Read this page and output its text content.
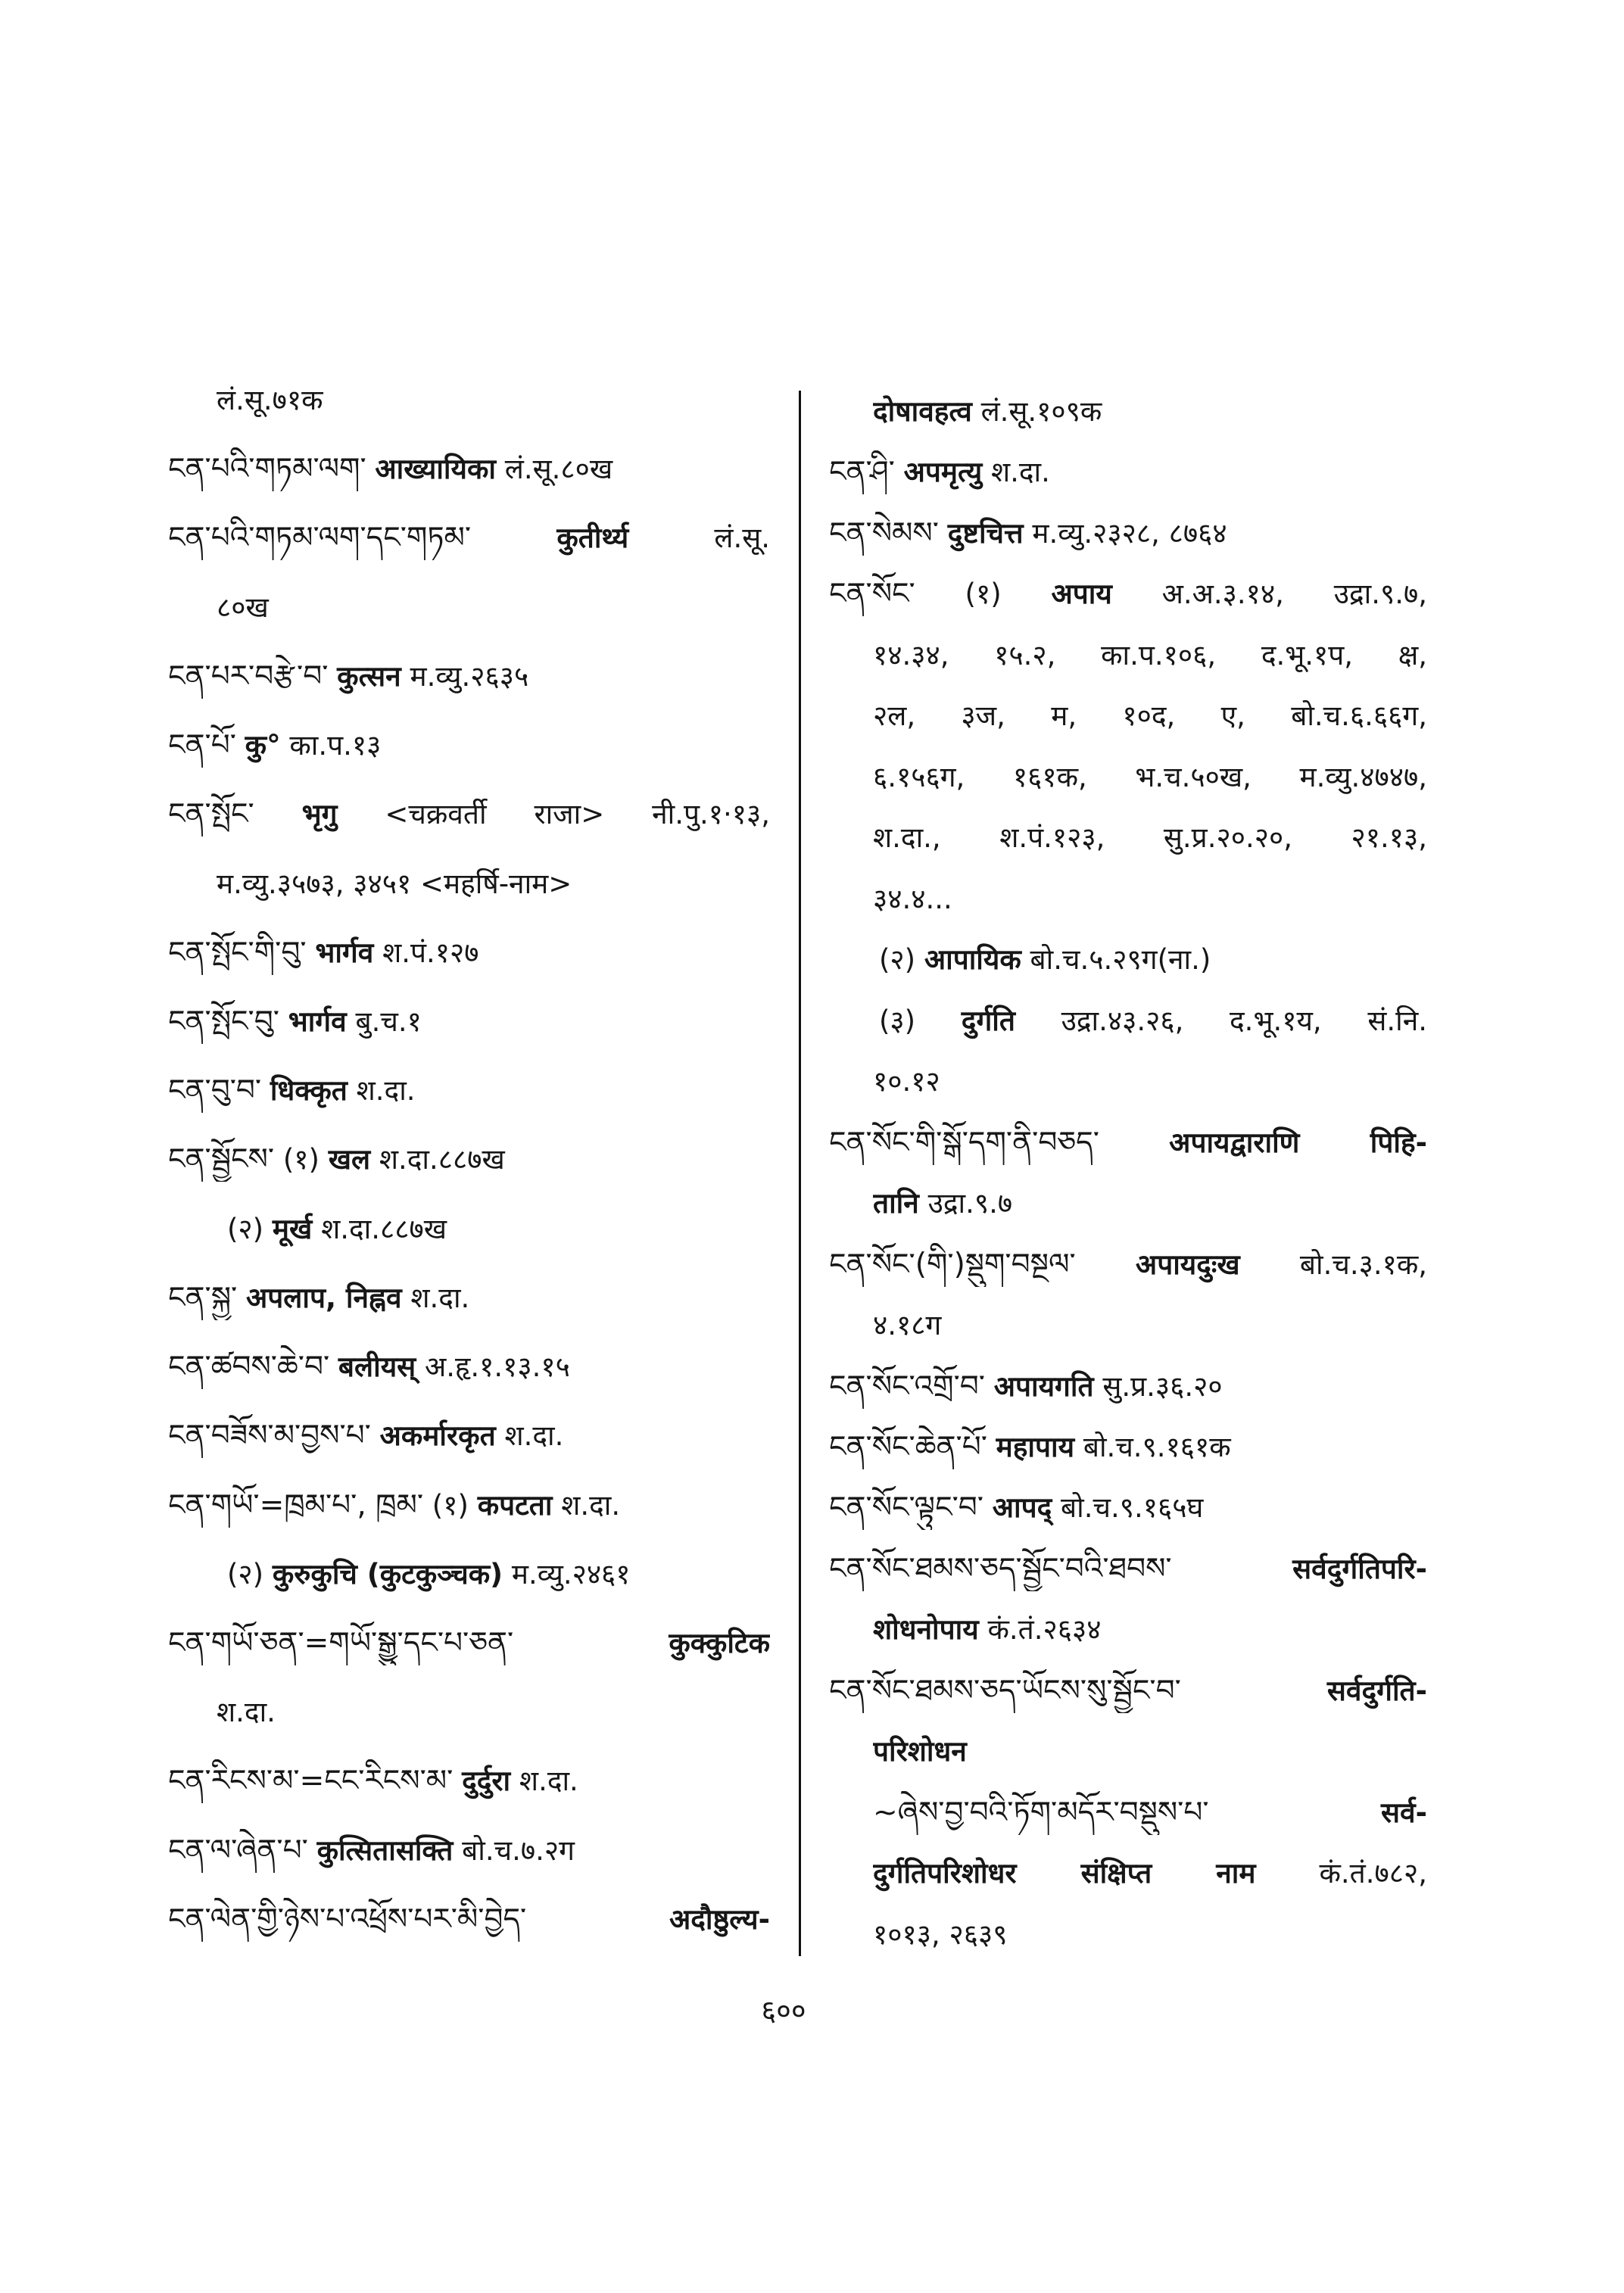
लं.सू.७१क
ངན་པའི་གཏམ་ལག་ आख्यायिका लं.सू.८०ख
ངན་པའི་གཏམ་ལག་དང་གཏམ་	कुतीर्थ्य	लं.सू.
८०ख
ངན་པར་བརྩེ་བ་ कुत्सन म.व्यु.२६३५
ངན་པོ་ कु° का.प.१३
ངན་སྤོང་ भृगु <चक्रवर्ती राजा> नी.पु.१·१३,
म.व्यु.३५७३, ३४५१ <महर्षि-नाम>
ངན་སྤོང་གི་བུ་ भार्गव श.पं.१२७
ངན་སྤོང་བུ་ भार्गव बु.च.१
ངན་བུ་བ་ धिक्कृत श.दा.
ངན་སྦྱོངས་ (१) खल श.दा.८८७ख
(२) मूर्ख श.दा.८८७ख
ངན་སྐྱ་ अपलाप, निह्नव श.दा.
ངན་ཚབས་ཆེ་བ་ बलीयस् अ.हृ.१.१३.१५
ངན་བཟོས་མ་བྱས་པ་ अकर्मारकृत श.दा.
ངན་གཡོ་=ཁྲམ་པ་, ཁྲམ་ (१) कपटता श.दा.
(२) कुरुकुचि (कुटकुञ्चक) म.व्यु.२४६१
ངན་གཡོ་ཅན་=གཡོ་སྒྱུ་དང་པ་ཅན་	कुक्कुटिक
श.दा.
ངན་རིངས་མ་=ངང་རིངས་མ་ दुर्दुरा श.दा.
ངན་ལ་ཞེན་པ་ कुत्सितासक्ति बो.च.७.२ग
ངན་ལེན་གྱི་ཉེས་པ་འཕྲོས་པར་མི་བྱེད་	अदौष्ठुल्य-
दोषावहत्व लं.सू.१०९क
ངན་ཤི་ अपमृत्यु श.दा.
ངན་སེམས་ दुष्टचित्त म.व्यु.२३२८, ८७६४
ངན་སོང་ (१) अपाय अ.अ.३.१४, उद्रा.९.७,
१४.३४, १५.२, का.प.१०६, द.भू.१प, क्ष,
२ल, ३ज, म, १०द, ए, बो.च.६.६६ग,
६.१५६ग, १६१क, भ.च.५०ख, म.व्यु.४७४७,
श.दा., श.पं.१२३, सु.प्र.२०.२०, २१.१३,
३४.४...
(२) आपायिक बो.च.५.२९ग(ना.)
(३) दुर्गति उद्रा.४३.२६, द.भू.१य, सं.नि.
१०.१२
ངན་སོང་གི་སྒོ་དག་ནི་བཅད་ अपायद्वाराणि पिहि-
तानि उद्रा.९.७
ངན་སོང་(གི་)སྡུག་བསྔལ་ अपायदुःख बो.च.३.१क,
४.१८ग
ངན་སོང་འགྲོ་བ་ अपायगति सु.प्र.३६.२०
ངན་སོང་ཆེན་པོ་ महापाय बो.च.९.१६१क
ངན་སོང་ལྟུང་བ་ आपद् बो.च.९.१६५घ
ངན་སོང་ཐམས་ཅད་སྦྱོང་བའི་ཐབས་	सर्वदुर्गतिपरि-
शोधनोपाय कं.तं.२६३४
ངན་སོང་ཐམས་ཅད་ཡོངས་སུ་སྦྱོང་བ་	सर्वदुर्गति-
परिशोधन
~ཞེས་བྱ་བའི་ཏོག་མདོར་བསྡུས་པ་	सर्व-
दुर्गतिपरिशोधर संक्षिप्त नाम कं.तं.७८२,
१०१३, २६३९
६००
